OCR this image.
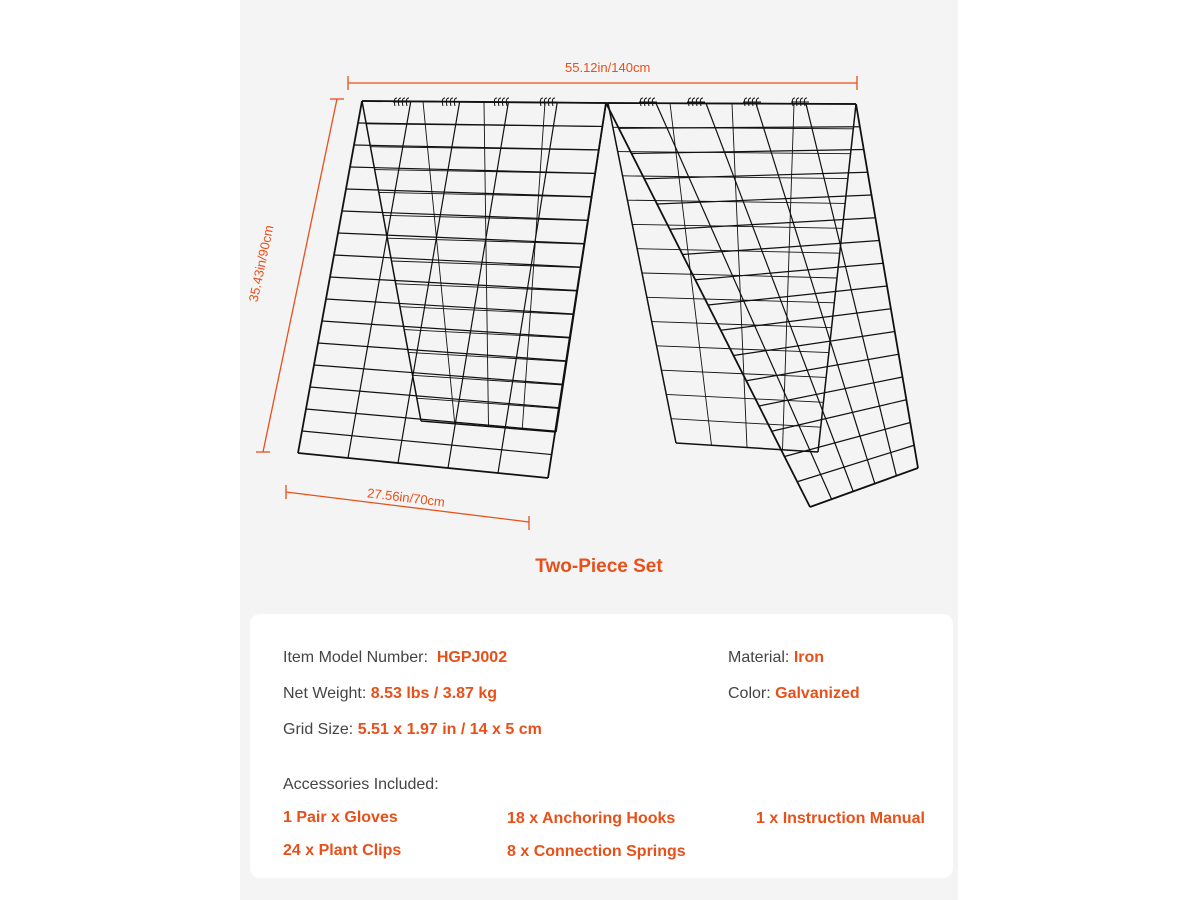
55.12in/140cm
35.43in/90cm
27.56in/70cm
Two-Piece Set
Item Model Number: HGPJ002
Net Weight: 8.53 lbs / 3.87 kg
Grid Size: 5.51 x 1.97 in / 14 x 5 cm
Material: Iron
Color: Galvanized
Accessories Included:
1 Pair x Gloves	18 x Anchoring Hooks	1 x Instruction Manual
24 x Plant Clips	8 x Connection Springs
